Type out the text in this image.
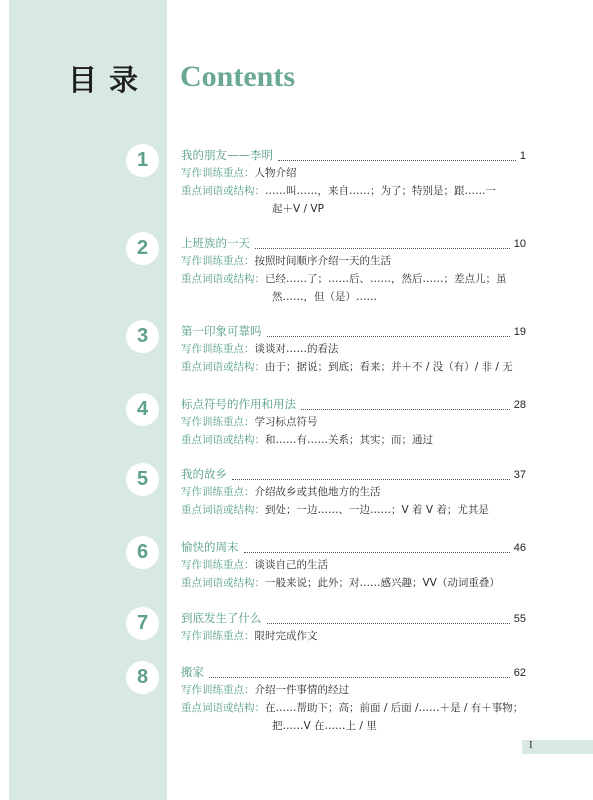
目录 Contents
1	我的朋友——李明	1
写作训练重点：人物介绍
重点词语或结构：……叫……，来自……；为了；特别是；跟……一
起＋V / VP
2	上班族的一天	10
写作训练重点：按照时间顺序介绍一天的生活
重点词语或结构：已经……了；……后、……，然后……；差点儿；虽
然……，但（是）……
3	第一印象可靠吗	19
写作训练重点：谈谈对……的看法
重点词语或结构：由于；据说；到底；看来；并＋不 / 没（有）/ 非 / 无
4	标点符号的作用和用法	28
写作训练重点：学习标点符号
重点词语或结构：和……有……关系；其实；而；通过
5	我的故乡	37
写作训练重点：介绍故乡或其他地方的生活
重点词语或结构：到处；一边……、一边……；V 着 V 着；尤其是
6	愉快的周末	46
写作训练重点：谈谈自己的生活
重点词语或结构：一般来说；此外；对……感兴趣；VV（动词重叠）
7	到底发生了什么	55
写作训练重点：限时完成作文
8	搬家	62
写作训练重点：介绍一件事情的经过
重点词语或结构：在……帮助下；高；前面 / 后面 /……＋是 / 有＋事物；
把……V 在……上 / 里
I
